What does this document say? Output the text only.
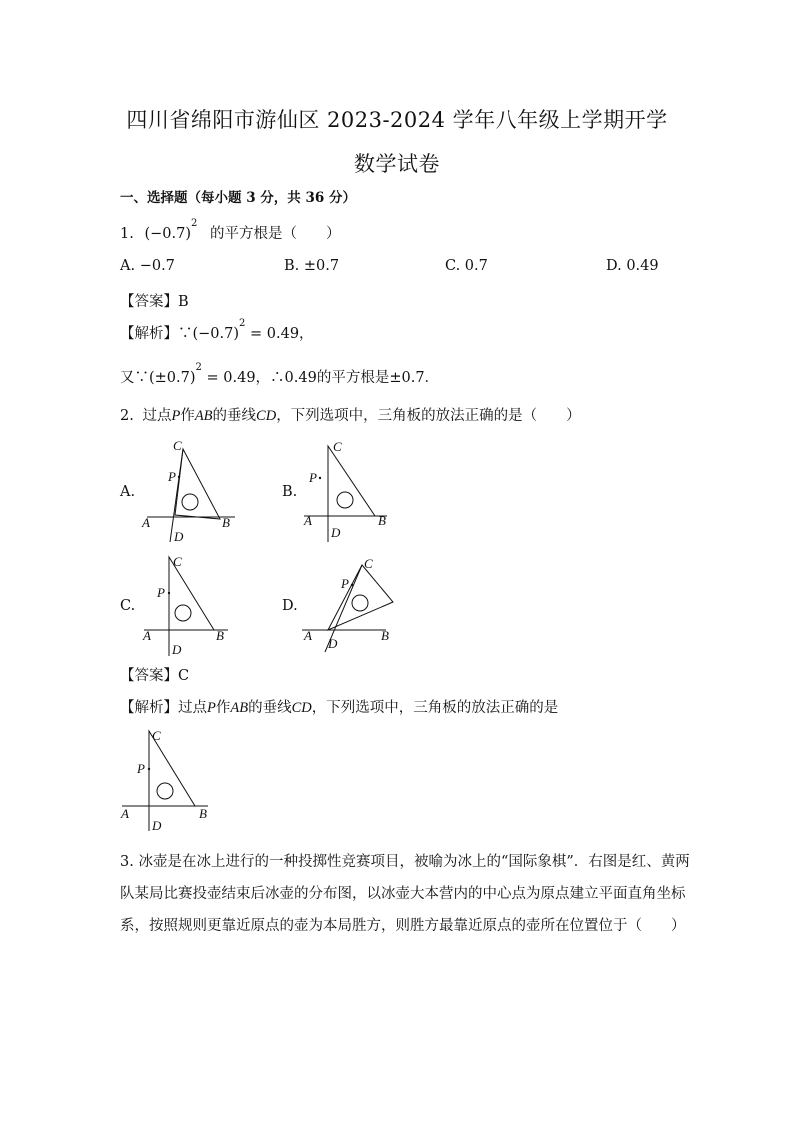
四川省绵阳市游仙区 2023-2024 学年八年级上学期开学
数学试卷
一、选择题（每小题 3 分，共 36 分）
1. $(-0.7)^2$ 的平方根是（　　）
A. −0.7	B. ±0.7	C. 0.7	D. 0.49
【答案】B
【解析】$\because(-0.7)^2 = 0.49$，
又$\because(\pm 0.7)^2 = 0.49$，∴0.49的平方根是±0.7．
2. 过点P作AB的垂线CD，下列选项中，三角板的放法正确的是（　　）
A.
C
P
A	B
D
B.
C
P
A	B
D
C.
C
P
A	B
D
D.
C
P
A	B
D
【答案】C
【解析】过点P作AB的垂线CD，下列选项中，三角板的放法正确的是
C
P
A	B
D
3. 冰壶是在冰上进行的一种投掷性竞赛项目，被喻为冰上的“国际象棋”．右图是红、黄两
队某局比赛投壶结束后冰壶的分布图，以冰壶大本营内的中心点为原点建立平面直角坐标
系，按照规则更靠近原点的壶为本局胜方，则胜方最靠近原点的壶所在位置位于（　　）
